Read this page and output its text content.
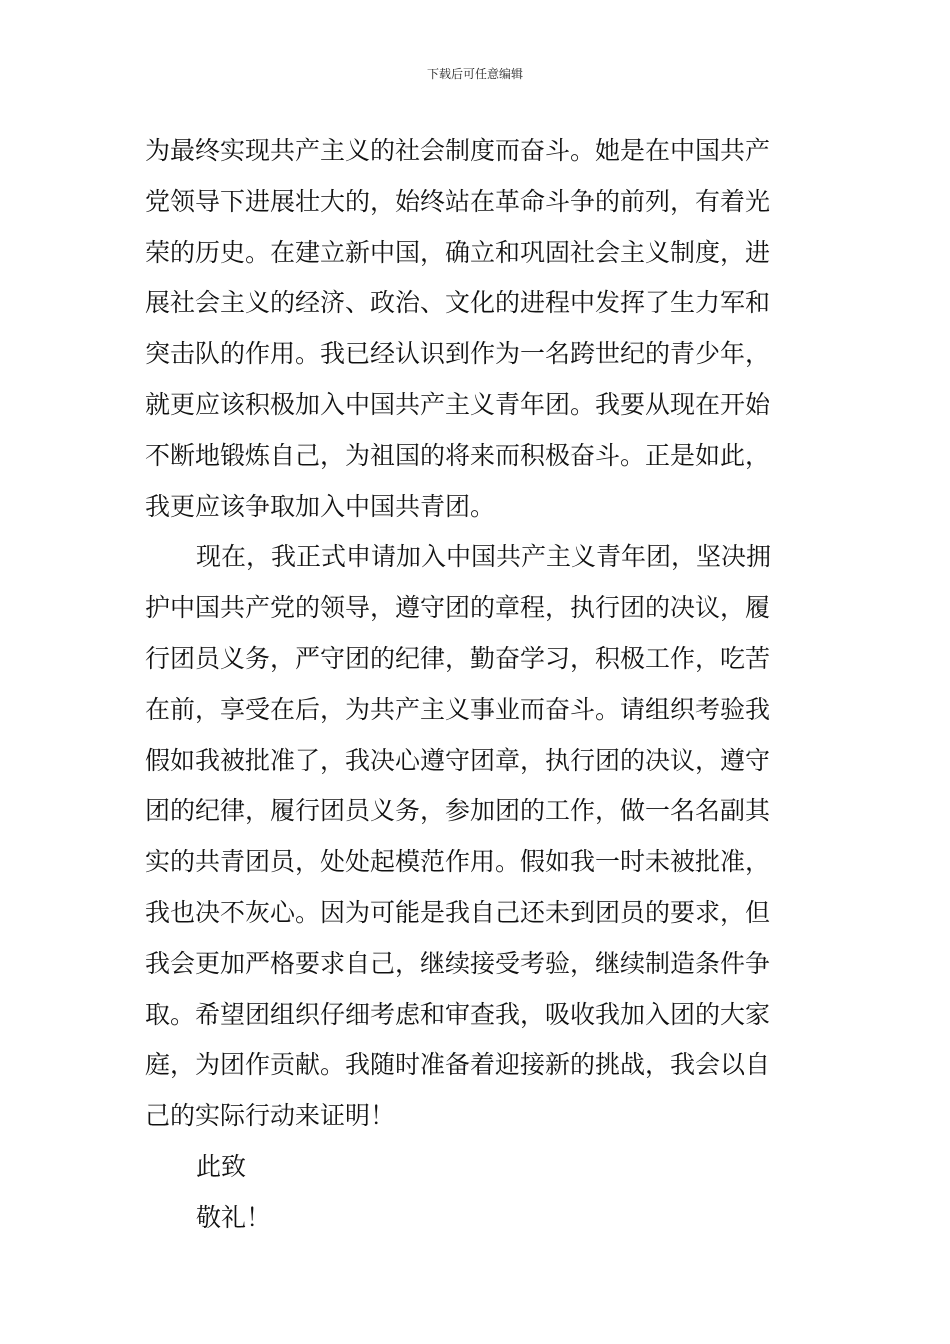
下载后可任意编辑
为最终实现共产主义的社会制度而奋斗。她是在中国共产
党领导下进展壮大的，始终站在革命斗争的前列，有着光
荣的历史。在建立新中国，确立和巩固社会主义制度，进
展社会主义的经济、政治、文化的进程中发挥了生力军和
突击队的作用。我已经认识到作为一名跨世纪的青少年，
就更应该积极加入中国共产主义青年团。我要从现在开始
不断地锻炼自己，为祖国的将来而积极奋斗。正是如此，
我更应该争取加入中国共青团。
现在，我正式申请加入中国共产主义青年团，坚决拥
护中国共产党的领导，遵守团的章程，执行团的决议，履
行团员义务，严守团的纪律，勤奋学习，积极工作，吃苦
在前，享受在后，为共产主义事业而奋斗。请组织考验我
假如我被批准了，我决心遵守团章，执行团的决议，遵守
团的纪律，履行团员义务，参加团的工作，做一名名副其
实的共青团员，处处起模范作用。假如我一时未被批准，
我也决不灰心。因为可能是我自己还未到团员的要求，但
我会更加严格要求自己，继续接受考验，继续制造条件争
取。希望团组织仔细考虑和审查我，吸收我加入团的大家
庭，为团作贡献。我随时准备着迎接新的挑战，我会以自
己的实际行动来证明！
此致
敬礼！
